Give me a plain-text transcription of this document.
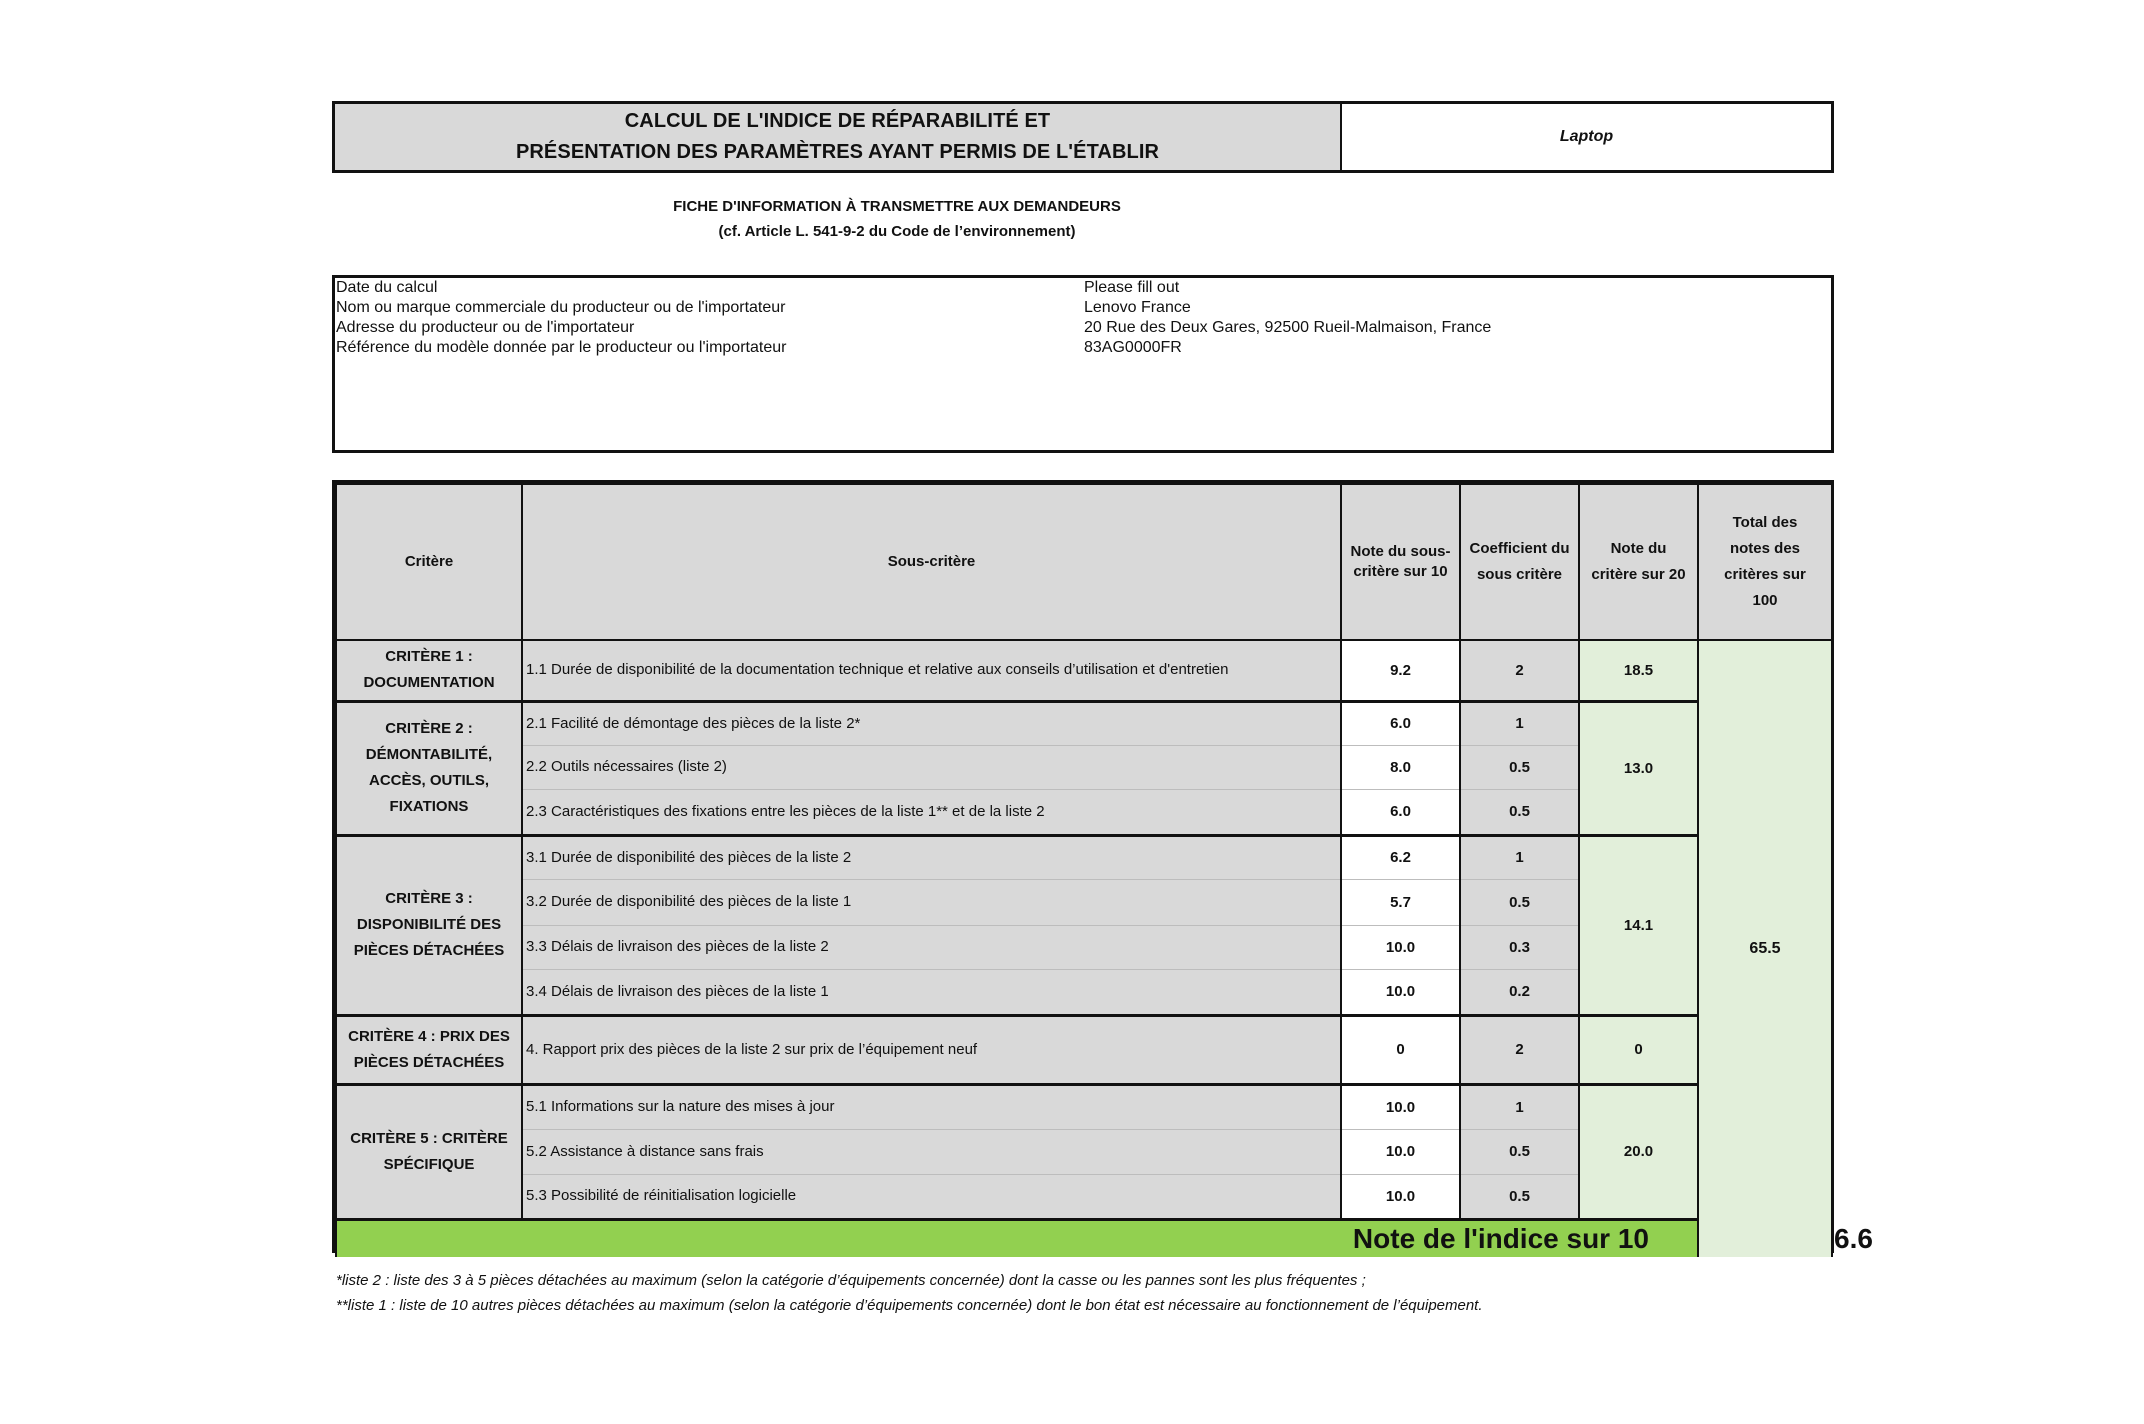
CALCUL DE L'INDICE DE RÉPARABILITÉ ET
PRÉSENTATION DES PARAMÈTRES AYANT PERMIS DE L'ÉTABLIR
Laptop
FICHE D'INFORMATION À TRANSMETTRE AUX DEMANDEURS
(cf. Article L. 541-9-2 du Code de l’environnement)
Date du calcul	Please fill out
Nom ou marque commerciale du producteur ou de l'importateur	Lenovo France
Adresse du producteur ou de l'importateur	20 Rue des Deux Gares, 92500 Rueil-Malmaison, France
Référence du modèle donnée par le producteur ou l'importateur	83AG0000FR
Critère	Sous-critère	Note du sous-critère sur 10	Coefficient du sous critère	Note du critère sur 20	Total des notes des critères sur 100	
CRITÈRE 1 : DOCUMENTATION	1.1 Durée de disponibilité de la documentation technique et relative aux conseils d’utilisation et d'entretien	9.2	2	18.5	65.5	
CRITÈRE 2 : DÉMONTABILITÉ, ACCÈS, OUTILS, FIXATIONS	2.1 Facilité de démontage des pièces de la liste 2*	6.0	1	13.0		
	2.2 Outils nécessaires (liste 2)	8.0	0.5			
	2.3 Caractéristiques des fixations entre les pièces de la liste 1** et de la liste 2	6.0	0.5			
CRITÈRE 3 : DISPONIBILITÉ DES PIÈCES DÉTACHÉES	3.1 Durée de disponibilité des pièces de la liste 2	6.2	1	14.1		
	3.2 Durée de disponibilité des pièces de la liste 1	5.7	0.5			
	3.3 Délais de livraison des pièces de la liste 2	10.0	0.3			
	3.4 Délais de livraison des pièces de la liste 1	10.0	0.2			
CRITÈRE 4 : PRIX DES PIÈCES DÉTACHÉES	4. Rapport prix des pièces de la liste 2 sur prix de l’équipement neuf	0	2	0		
CRITÈRE 5 : CRITÈRE SPÉCIFIQUE	5.1 Informations sur la nature des mises à jour	10.0	1	20.0		
	5.2 Assistance à distance sans frais	10.0	0.5			
	5.3 Possibilité de réinitialisation logicielle	10.0	0.5			
Note de l'indice sur 10						6.6
*liste 2 : liste des 3 à 5 pièces détachées au maximum (selon la catégorie d’équipements concernée) dont la casse ou les pannes sont les plus fréquentes ;
**liste 1 : liste de 10 autres pièces détachées au maximum (selon la catégorie d’équipements concernée) dont le bon état est nécessaire au fonctionnement de l’équipement.
